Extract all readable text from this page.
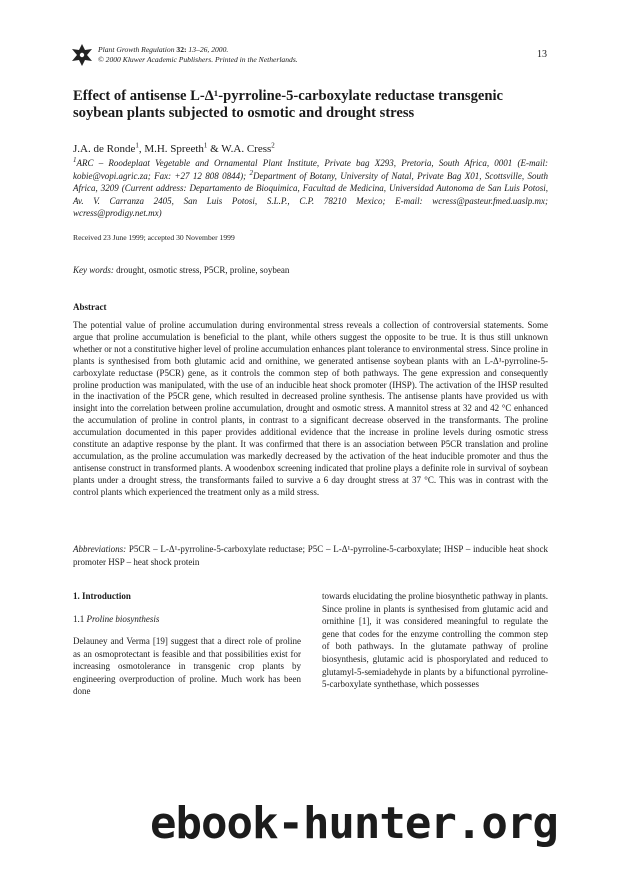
Plant Growth Regulation 32: 13–26, 2000.
© 2000 Kluwer Academic Publishers. Printed in the Netherlands.	13
Effect of antisense L-Δ¹-pyrroline-5-carboxylate reductase transgenic soybean plants subjected to osmotic and drought stress
J.A. de Ronde$^1$, M.H. Spreeth$^1$ & W.A. Cress$^2$
$^1$ARC – Roodeplaat Vegetable and Ornamental Plant Institute, Private bag X293, Pretoria, South Africa, 0001 (E-mail: kobie@vopi.agric.za; Fax: +27 12 808 0844); $^2$Department of Botany, University of Natal, Private Bag X01, Scottsville, South Africa, 3209 (Current address: Departamento de Bioquimica, Facultad de Medicina, Universidad Autonoma de San Luis Potosi, Av. V. Carranza 2405, San Luis Potosi, S.L.P., C.P. 78210 Mexico; E-mail: wcress@pasteur.fmed.uaslp.mx; wcress@prodigy.net.mx)
Received 23 June 1999; accepted 30 November 1999
Key words: drought, osmotic stress, P5CR, proline, soybean
Abstract

The potential value of proline accumulation during environmental stress reveals a collection of controversial statements. Some argue that proline accumulation is beneficial to the plant, while others suggest the opposite to be true. It is thus still unknown whether or not a constitutive higher level of proline accumulation enhances plant tolerance to environmental stress. Since proline in plants is synthesised from both glutamic acid and ornithine, we generated antisense soybean plants with an L-Δ¹-pyrroline-5-carboxylate reductase (P5CR) gene, as it controls the common step of both pathways. The gene expression and consequently proline production was manipulated, with the use of an inducible heat shock promoter (IHSP). The activation of the IHSP resulted in the inactivation of the P5CR gene, which resulted in decreased proline synthesis. The antisense plants have provided us with insight into the correlation between proline accumulation, drought and osmotic stress. A mannitol stress at 32 and 42 °C enhanced the accumulation of proline in control plants, in contrast to a significant decrease observed in the transformants. The proline accumulation documented in this paper provides additional evidence that the increase in proline levels during osmotic stress constitute an adaptive response by the plant. It was confirmed that there is an association between P5CR translation and proline accumulation, as the proline accumulation was markedly decreased by the activation of the heat inducible promoter and thus the antisense construct in transformed plants. A woodenbox screening indicated that proline plays a definite role in survival of soybean plants under a drought stress, the transformants failed to survive a 6 day drought stress at 37 °C. This was in contrast with the control plants which experienced the treatment only as a mild stress.

Abbreviations: P5CR – L-Δ¹-pyrroline-5-carboxylate reductase; P5C – L-Δ¹-pyrroline-5-carboxylate; IHSP – inducible heat shock promoter HSP – heat shock protein
1. Introduction
1.1 Proline biosynthesis

Delauney and Verma [19] suggest that a direct role of proline as an osmoprotectant is feasible and that possibilities exist for increasing osmotolerance in transgenic crop plants by engineering overproduction of proline. Much work has been done

towards elucidating the proline biosynthetic pathway in plants. Since proline in plants is synthesised from glutamic acid and ornithine [1], it was considered meaningful to regulate the gene that codes for the enzyme controlling the common step of both pathways. In the glutamate pathway of proline biosynthesis, glutamic acid is phosporylated and reduced to glutamyl-5-semiadehyde in plants by a bifunctional pyrroline-5-carboxylate synthethase, which possesses

ebook-hunter.org
